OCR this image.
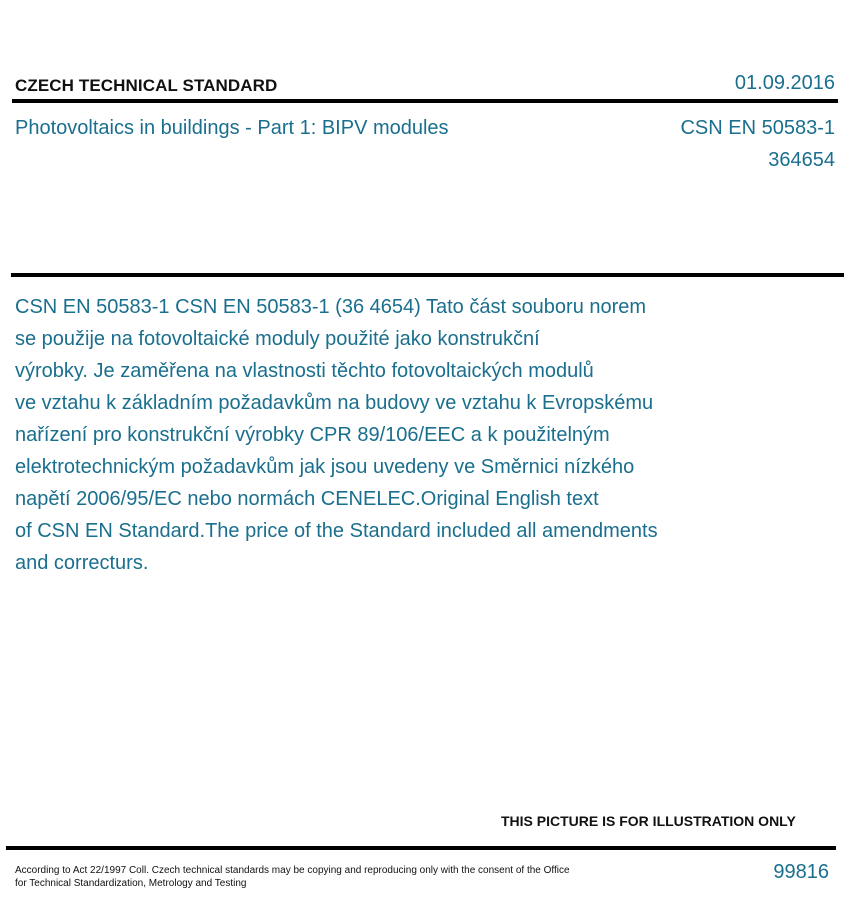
CZECH TECHNICAL STANDARD	01.09.2016
Photovoltaics in buildings - Part 1: BIPV modules	CSN EN 50583-1
364654
CSN EN 50583-1 CSN EN 50583-1 (36 4654) Tato část souboru norem
se použije na fotovoltaické moduly použité jako konstrukční
výrobky. Je zaměřena na vlastnosti těchto fotovoltaických modulů
ve vztahu k základním požadavkům na budovy ve vztahu k Evropskému
nařízení pro konstrukční výrobky CPR 89/106/EEC a k použitelným
elektrotechnickým požadavkům jak jsou uvedeny ve Směrnici nízkého
napětí 2006/95/EC nebo normách CENELEC.Original English text
of CSN EN Standard.The price of the Standard included all amendments
and correcturs.
THIS PICTURE IS FOR ILLUSTRATION ONLY
According to Act 22/1997 Coll. Czech technical standards may be copying and reproducing only with the consent of the Office
for Technical Standardization, Metrology and Testing
99816
